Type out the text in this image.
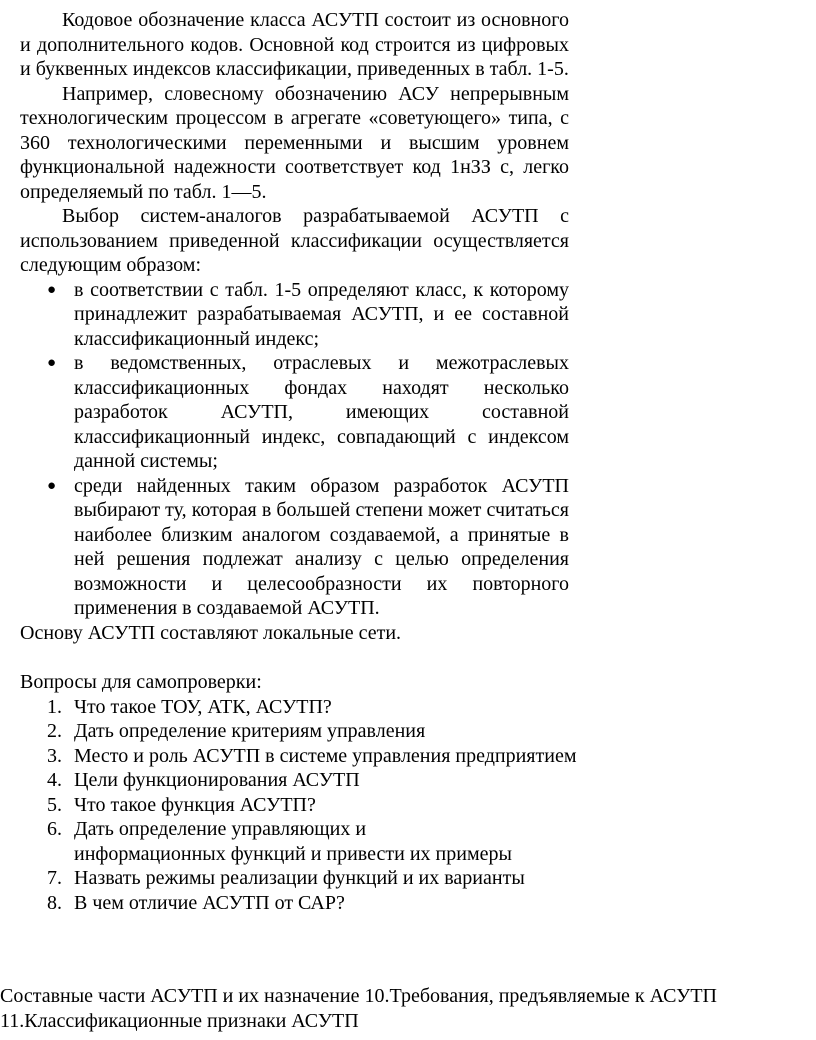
Кодовое обозначение класса АСУТП состоит из основного и дополнительного кодов. Основной код строится из цифровых и буквенных индексов классификации, приведенных в табл. 1-5.

Например, словесному обозначению АСУ непрерывным технологическим процессом в агрегате «советующего» типа, с 360 технологическими переменными и высшим уровнем функциональной надежности соответствует код 1нЗЗ с, легко определяемый по табл. 1—5.

Выбор систем-аналогов разрабатываемой АСУТП с использованием приведенной классификации осуществляется следующим образом:

● в соответствии с табл. 1-5 определяют класс, к которому принадлежит разрабатываемая АСУТП, и ее составной классификационный индекс;
● в ведомственных, отраслевых и межотраслевых классификационных фондах находят несколько разработок АСУТП, имеющих составной классификационный индекс, совпадающий с индексом данной системы;
● среди найденных таким образом разработок АСУТП выбирают ту, которая в большей степени может считаться наиболее близким аналогом создаваемой, а принятые в ней решения подлежат анализу с целью определения возможности и целесообразности их повторного применения в создаваемой АСУТП.

Основу АСУТП составляют локальные сети.

Вопросы для самопроверки:

1. Что такое ТОУ, АТК, АСУТП?
2. Дать определение критериям управления
3. Место и роль АСУТП в системе управления предприятием
4. Цели функционирования АСУТП
5. Что такое функция АСУТП?
6. Дать определение управляющих и
информационных функций и привести их примеры
7. Назвать режимы реализации функций и их варианты
8. В чем отличие АСУТП от САР?
Составные части АСУТП и их назначение 10.Требования, предъявляемые к АСУТП
11.Классификационные признаки АСУТП
